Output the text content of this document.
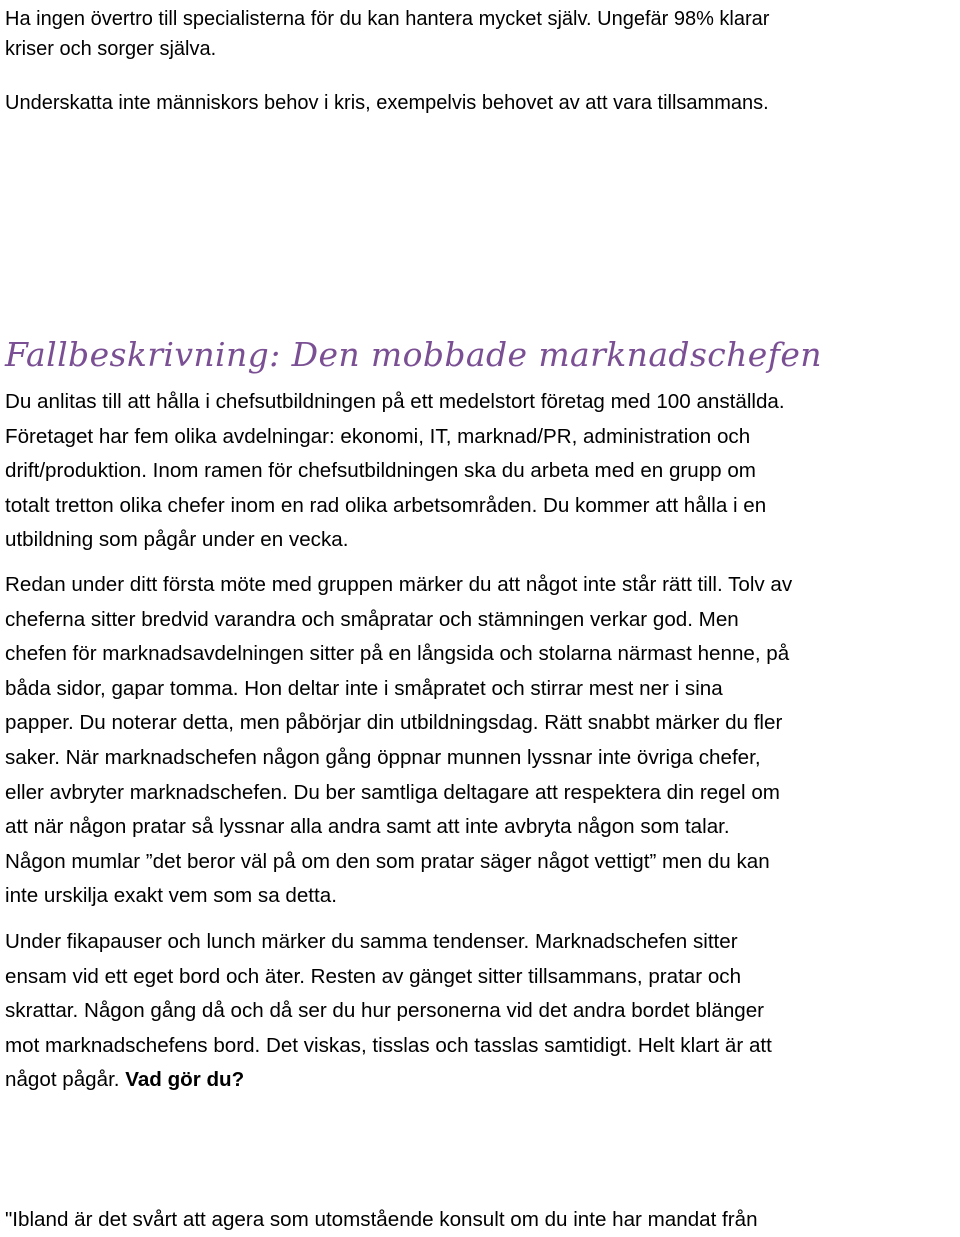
Ha ingen övertro till specialisterna för du kan hantera mycket själv. Ungefär 98% klarar
kriser och sorger själva.
Underskatta inte människors behov i kris, exempelvis behovet av att vara tillsammans.
Fallbeskrivning: Den mobbade marknadschefen
Du anlitas till att hålla i chefsutbildningen på ett medelstort företag med 100 anställda.
Företaget har fem olika avdelningar: ekonomi, IT, marknad/PR, administration och
drift/produktion. Inom ramen för chefsutbildningen ska du arbeta med en grupp om
totalt tretton olika chefer inom en rad olika arbetsområden. Du kommer att hålla i en
utbildning som pågår under en vecka.
Redan under ditt första möte med gruppen märker du att något inte står rätt till. Tolv av
cheferna sitter bredvid varandra och småpratar och stämningen verkar god. Men
chefen för marknadsavdelningen sitter på en långsida och stolarna närmast henne, på
båda sidor, gapar tomma. Hon deltar inte i småpratet och stirrar mest ner i sina
papper. Du noterar detta, men påbörjar din utbildningsdag. Rätt snabbt märker du fler
saker. När marknadschefen någon gång öppnar munnen lyssnar inte övriga chefer,
eller avbryter marknadschefen. Du ber samtliga deltagare att respektera din regel om
att när någon pratar så lyssnar alla andra samt att inte avbryta någon som talar.
Någon mumlar ”det beror väl på om den som pratar säger något vettigt” men du kan
inte urskilja exakt vem som sa detta.
Under fikapauser och lunch märker du samma tendenser. Marknadschefen sitter
ensam vid ett eget bord och äter. Resten av gänget sitter tillsammans, pratar och
skrattar. Någon gång då och då ser du hur personerna vid det andra bordet blänger
mot marknadschefens bord. Det viskas, tisslas och tasslas samtidigt. Helt klart är att
något pågår. Vad gör du?
"Ibland är det svårt att agera som utomstående konsult om du inte har mandat från
